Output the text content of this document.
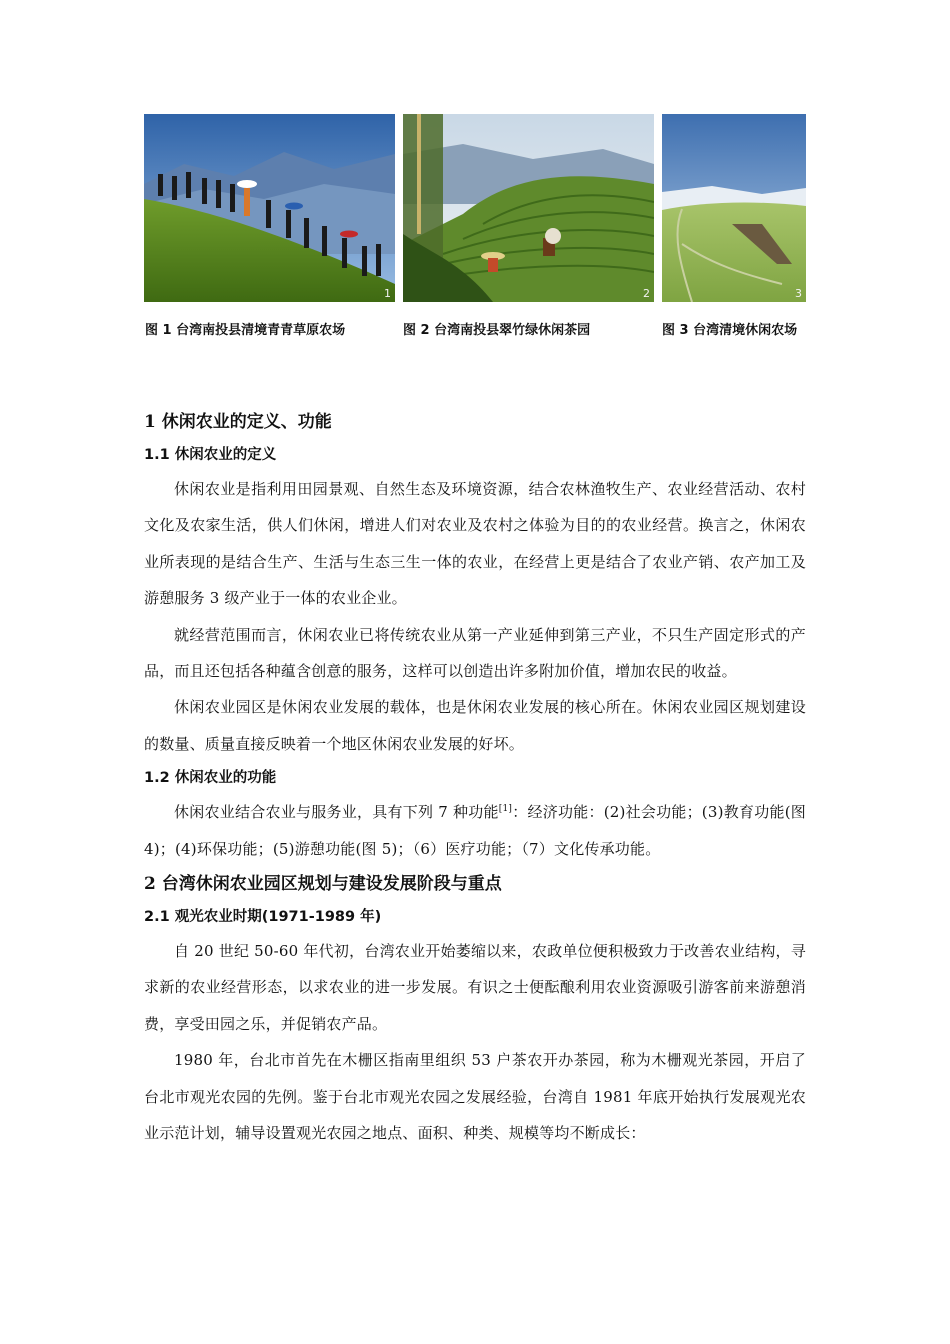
1	2	3
图 1 台湾南投县清境青青草原农场	图 2 台湾南投县翠竹绿休闲茶园	图 3 台湾清境休闲农场
1 休闲农业的定义、功能
1.1 休闲农业的定义

休闲农业是指利用田园景观、自然生态及环境资源，结合农林渔牧生产、农业经营活动、农村文化及农家生活，供人们休闲，增进人们对农业及农村之体验为目的的农业经营。换言之，休闲农业所表现的是结合生产、生活与生态三生一体的农业，在经营上更是结合了农业产销、农产加工及游憩服务 3 级产业于一体的农业企业。

就经营范围而言，休闲农业已将传统农业从第一产业延伸到第三产业，不只生产固定形式的产品，而且还包括各种蕴含创意的服务，这样可以创造出许多附加价值，增加农民的收益。

休闲农业园区是休闲农业发展的载体，也是休闲农业发展的核心所在。休闲农业园区规划建设的数量、质量直接反映着一个地区休闲农业发展的好坏。

1.2 休闲农业的功能

休闲农业结合农业与服务业，具有下列 7 种功能[1]：经济功能：(2)社会功能；(3)教育功能(图 4)；(4)环保功能；(5)游憩功能(图 5)；（6）医疗功能；（7）文化传承功能。

2 台湾休闲农业园区规划与建设发展阶段与重点
2.1 观光农业时期(1971-1989 年)

自 20 世纪 50-60 年代初，台湾农业开始萎缩以来，农政单位便积极致力于改善农业结构，寻求新的农业经营形态，以求农业的进一步发展。有识之士便酝酿利用农业资源吸引游客前来游憩消费，享受田园之乐，并促销农产品。

1980 年，台北市首先在木栅区指南里组织 53 户茶农开办茶园，称为木栅观光茶园，开启了台北市观光农园的先例。鉴于台北市观光农园之发展经验，台湾自 1981 年底开始执行发展观光农业示范计划，辅导设置观光农园之地点、面积、种类、规模等均不断成长：
